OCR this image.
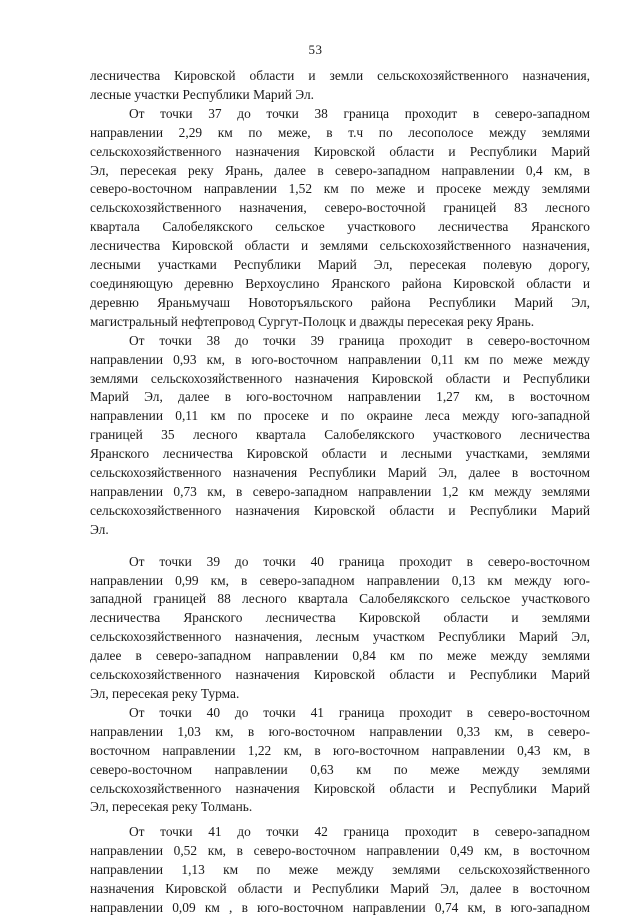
53
лесничества Кировской области и земли сельскохозяйственного назначения,
лесные участки Республики Марий Эл.
От точки 37 до точки 38 граница проходит в северо-западном
направлении 2,29 км по меже, в т.ч по лесополосе между землями
сельскохозяйственного назначения Кировской области и Республики Марий
Эл, пересекая реку Ярань, далее в северо-западном направлении 0,4 км, в
северо-восточном направлении 1,52 км по меже и просеке между землями
сельскохозяйственного назначения, северо-восточной границей 83 лесного
квартала Салобелякского сельское участкового лесничества Яранского
лесничества Кировской области и землями сельскохозяйственного назначения,
лесными участками Республики Марий Эл, пересекая полевую дорогу,
соединяющую деревню Верхоуслино Яранского района Кировской области и
деревню Яраньмучаш Новоторъяльского района Республики Марий Эл,
магистральный нефтепровод Сургут-Полоцк и дважды пересекая реку Ярань.
От точки 38 до точки 39 граница проходит в северо-восточном
направлении 0,93 км, в юго-восточном направлении 0,11 км по меже между
землями сельскохозяйственного назначения Кировской области и Республики
Марий Эл, далее в юго-восточном направлении 1,27 км, в восточном
направлении 0,11 км по просеке и по окраине леса между юго-западной
границей 35 лесного квартала Салобелякского участкового лесничества
Яранского лесничества Кировской области и лесными участками, землями
сельскохозяйственного назначения Республики Марий Эл, далее в восточном
направлении 0,73 км, в северо-западном направлении 1,2 км между землями
сельскохозяйственного назначения Кировской области и Республики Марий
Эл.
От точки 39 до точки 40 граница проходит в северо-восточном
направлении 0,99 км, в северо-западном направлении 0,13 км между юго-
западной границей 88 лесного квартала Салобелякского сельское участкового
лесничества Яранского лесничества Кировской области и землями
сельскохозяйственного назначения, лесным участком Республики Марий Эл,
далее в северо-западном направлении 0,84 км по меже между землями
сельскохозяйственного назначения Кировской области и Республики Марий
Эл, пересекая реку Турма.
От точки 40 до точки 41 граница проходит в северо-восточном
направлении 1,03 км, в юго-восточном направлении 0,33 км, в северо-
восточном направлении 1,22 км, в юго-восточном направлении 0,43 км, в
северо-восточном направлении 0,63 км по меже между землями
сельскохозяйственного назначения Кировской области и Республики Марий
Эл, пересекая реку Толмань.
От точки 41 до точки 42 граница проходит в северо-западном
направлении 0,52 км, в северо-восточном направлении 0,49 км, в восточном
направлении 1,13 км по меже между землями сельскохозяйственного
назначения Кировской области и Республики Марий Эл, далее в восточном
направлении 0,09 км , в юго-восточном направлении 0,74 км, в юго-западном
